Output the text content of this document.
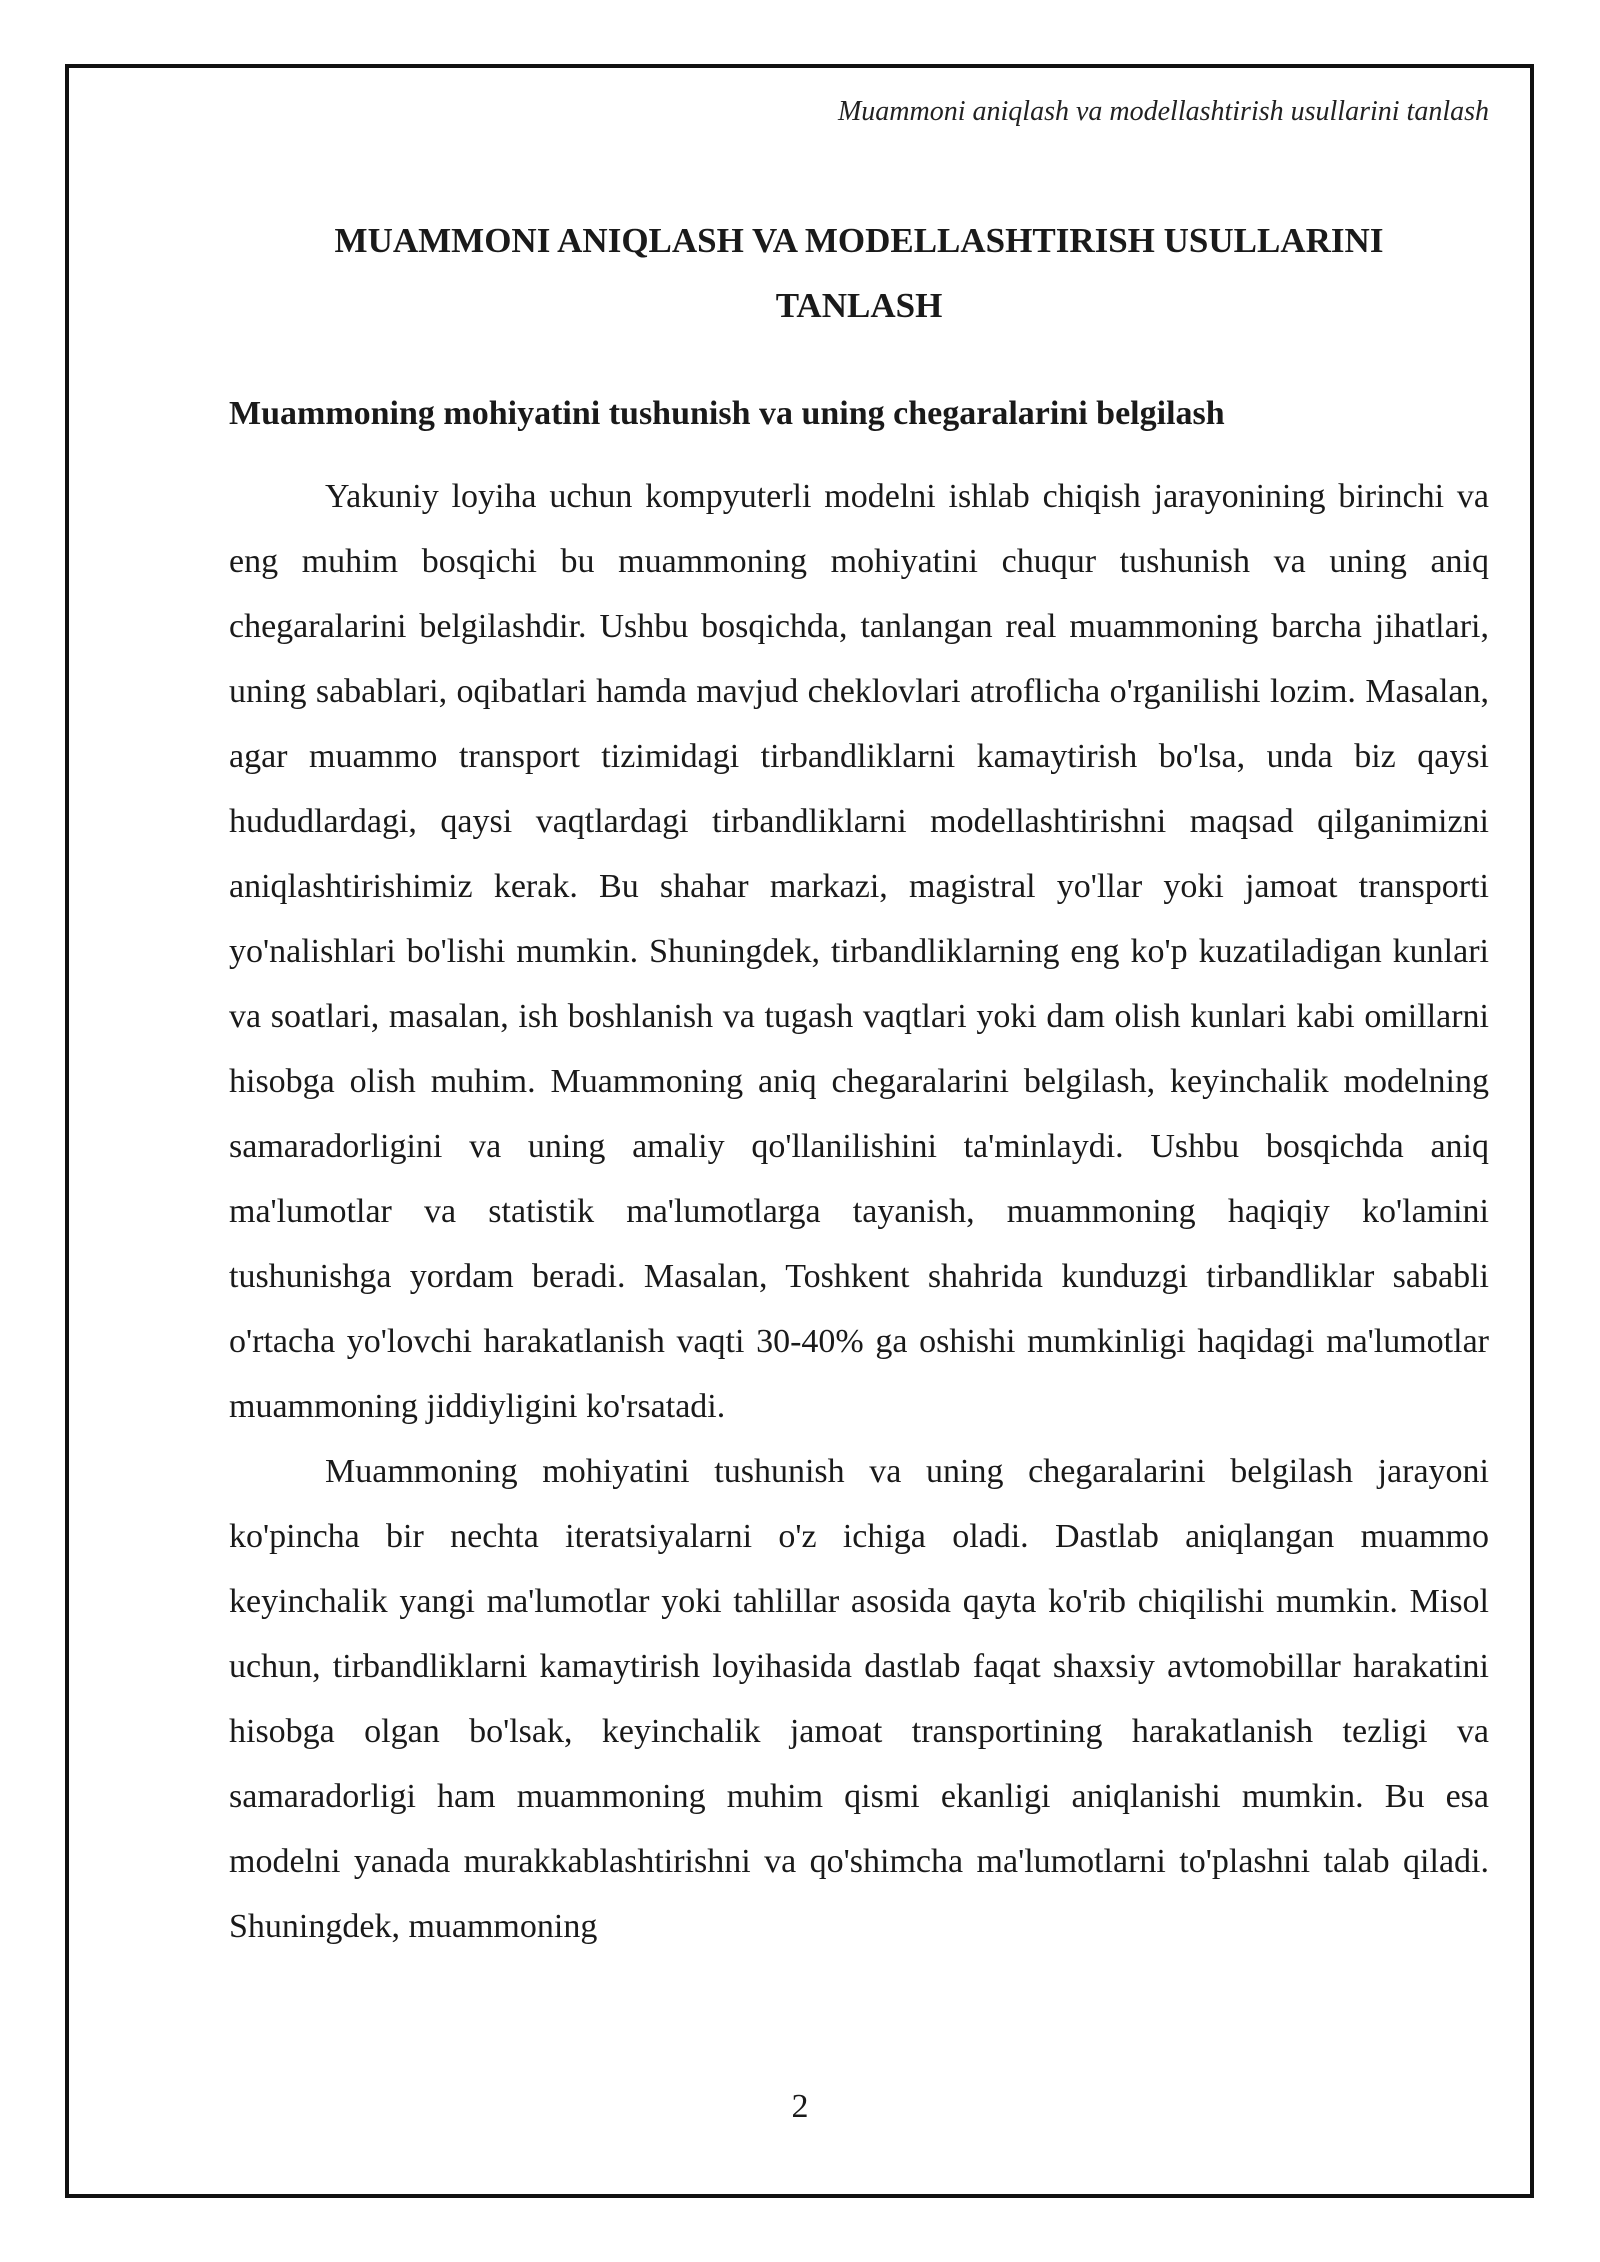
Muammoni aniqlash va modellashtirish usullarini tanlash
MUAMMONI ANIQLASH VA MODELLASHTIRISH USULLARINI
TANLASH
Muammoning mohiyatini tushunish va uning chegaralarini belgilash

Yakuniy loyiha uchun kompyuterli modelni ishlab chiqish jarayonining birinchi va eng muhim bosqichi bu muammoning mohiyatini chuqur tushunish va uning aniq chegaralarini belgilashdir. Ushbu bosqichda, tanlangan real muammoning barcha jihatlari, uning sabablari, oqibatlari hamda mavjud cheklovlari atroflicha o'rganilishi lozim. Masalan, agar muammo transport tizimidagi tirbandliklarni kamaytirish bo'lsa, unda biz qaysi hududlardagi, qaysi vaqtlardagi tirbandliklarni modellashtirishni maqsad qilganimizni aniqlashtirishimiz kerak. Bu shahar markazi, magistral yo'llar yoki jamoat transporti yo'nalishlari bo'lishi mumkin. Shuningdek, tirbandliklarning eng ko'p kuzatiladigan kunlari va soatlari, masalan, ish boshlanish va tugash vaqtlari yoki dam olish kunlari kabi omillarni hisobga olish muhim. Muammoning aniq chegaralarini belgilash, keyinchalik modelning samaradorligini va uning amaliy qo'llanilishini ta'minlaydi. Ushbu bosqichda aniq ma'lumotlar va statistik ma'lumotlarga tayanish, muammoning haqiqiy ko'lamini tushunishga yordam beradi. Masalan, Toshkent shahrida kunduzgi tirbandliklar sababli o'rtacha yo'lovchi harakatlanish vaqti 30-40% ga oshishi mumkinligi haqidagi ma'lumotlar muammoning jiddiyligini ko'rsatadi.

Muammoning mohiyatini tushunish va uning chegaralarini belgilash jarayoni ko'pincha bir nechta iteratsiyalarni o'z ichiga oladi. Dastlab aniqlangan muammo keyinchalik yangi ma'lumotlar yoki tahlillar asosida qayta ko'rib chiqilishi mumkin. Misol uchun, tirbandliklarni kamaytirish loyihasida dastlab faqat shaxsiy avtomobillar harakatini hisobga olgan bo'lsak, keyinchalik jamoat transportining harakatlanish tezligi va samaradorligi ham muammoning muhim qismi ekanligi aniqlanishi mumkin. Bu esa modelni yanada murakkablashtirishni va qo'shimcha ma'lumotlarni to'plashni talab qiladi. Shuningdek, muammoning

2
